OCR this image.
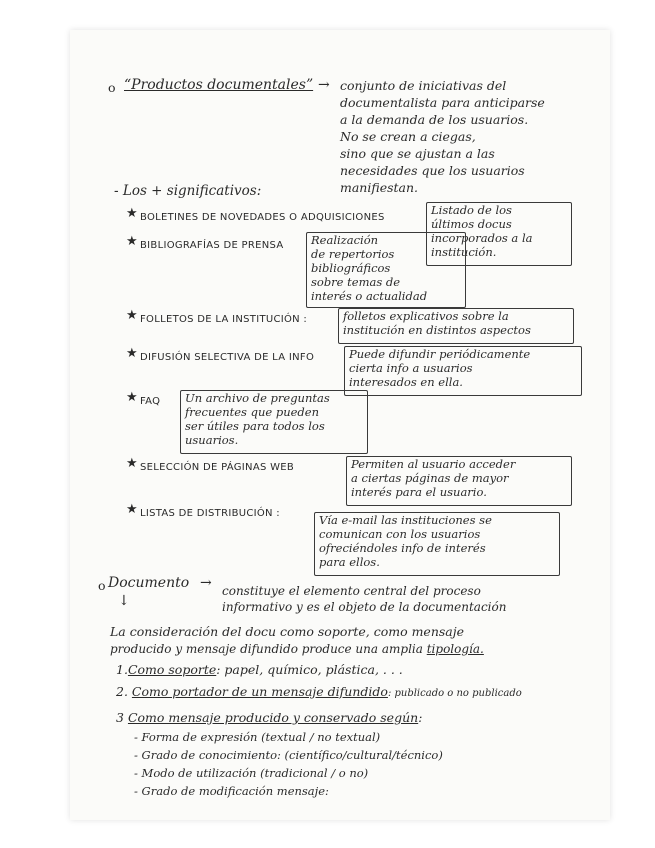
o “Productos documentales” → conjunto de iniciativas del
documentalista para anticiparse
a la demanda de los usuarios.
No se crean a ciegas,
sino que se ajustan a las
necesidades que los usuarios
manifiestan.
- Los + significativos:
★ BOLETINES DE NOVEDADES O ADQUISICIONES
Listado de los
últimos docus
incorporados a la
institución.
★ BIBLIOGRAFÍAS DE PRENSA	Realización
de repertorios
bibliográficos
sobre temas de
interés o actualidad
★ FOLLETOS DE LA INSTITUCIÓN :	folletos explicativos sobre la
institución en distintos aspectos
★ DIFUSIÓN SELECTIVA DE LA INFO	Puede difundir periódicamente
cierta info a usuarios
interesados en ella.
★ FAQ	Un archivo de preguntas
frecuentes que pueden
ser útiles para todos los
usuarios.
★ SELECCIÓN DE PÁGINAS WEB	Permiten al usuario acceder
a ciertas páginas de mayor
interés para el usuario.
★ LISTAS DE DISTRIBUCIÓN :	Vía e-mail las instituciones se
comunican con los usuarios
ofreciéndoles info de interés
para ellos.
o Documento → constituye el elemento central del proceso
informativo y es el objeto de la documentación
↓
La consideración del docu como soporte, como mensaje
producido y mensaje difundido produce una amplia tipología.
1.Como soporte: papel, químico, plástica, . . .
2. Como portador de un mensaje difundido: publicado o no publicado
3 Como mensaje producido y conservado según:
- Forma de expresión (textual / no textual)
- Grado de conocimiento: (científico/cultural/técnico)
- Modo de utilización (tradicional / o no)
- Grado de modificación mensaje:
